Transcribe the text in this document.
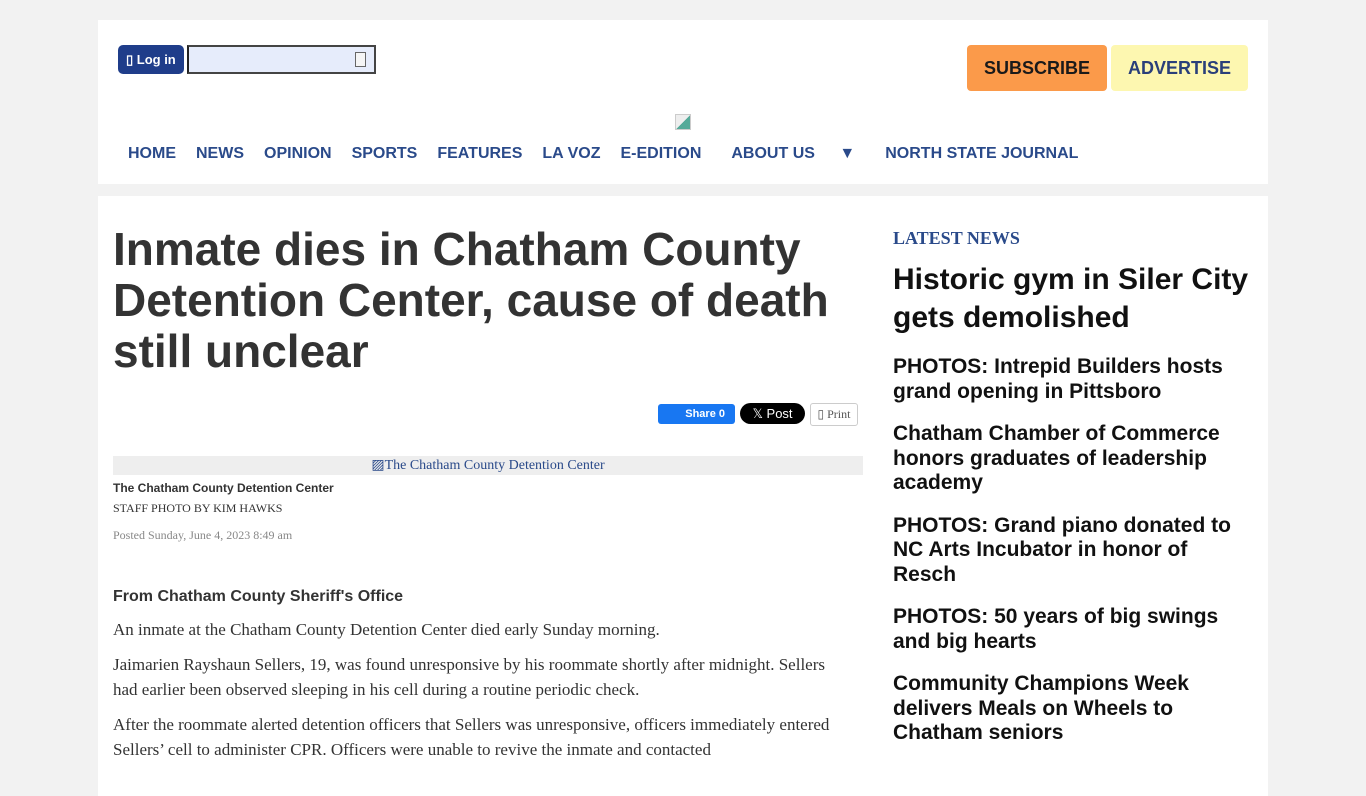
▯ Log in	SUBSCRIBE	ADVERTISE
HOME	NEWS	OPINION	SPORTS	FEATURES	LA VOZ	E-EDITION	ABOUT US ▼	NORTH STATE JOURNAL
Inmate dies in Chatham County Detention Center, cause of death still unclear
Share 0	𝕏 Post	▯ Print
▨The Chatham County Detention Center
The Chatham County Detention Center
STAFF PHOTO BY KIM HAWKS
Posted Sunday, June 4, 2023 8:49 am
From Chatham County Sheriff's Office

An inmate at the Chatham County Detention Center died early Sunday morning.

Jaimarien Rayshaun Sellers, 19, was found unresponsive by his roommate shortly after midnight. Sellers had earlier been observed sleeping in his cell during a routine periodic check.

After the roommate alerted detention officers that Sellers was unresponsive, officers immediately entered Sellers’ cell to administer CPR. Officers were unable to revive the inmate and contacted

LATEST NEWS
Historic gym in Siler City gets demolished
PHOTOS: Intrepid Builders hosts grand opening in Pittsboro
Chatham Chamber of Commerce honors graduates of leadership academy
PHOTOS: Grand piano donated to NC Arts Incubator in honor of Resch
PHOTOS: 50 years of big swings and big hearts
Community Champions Week delivers Meals on Wheels to Chatham seniors
